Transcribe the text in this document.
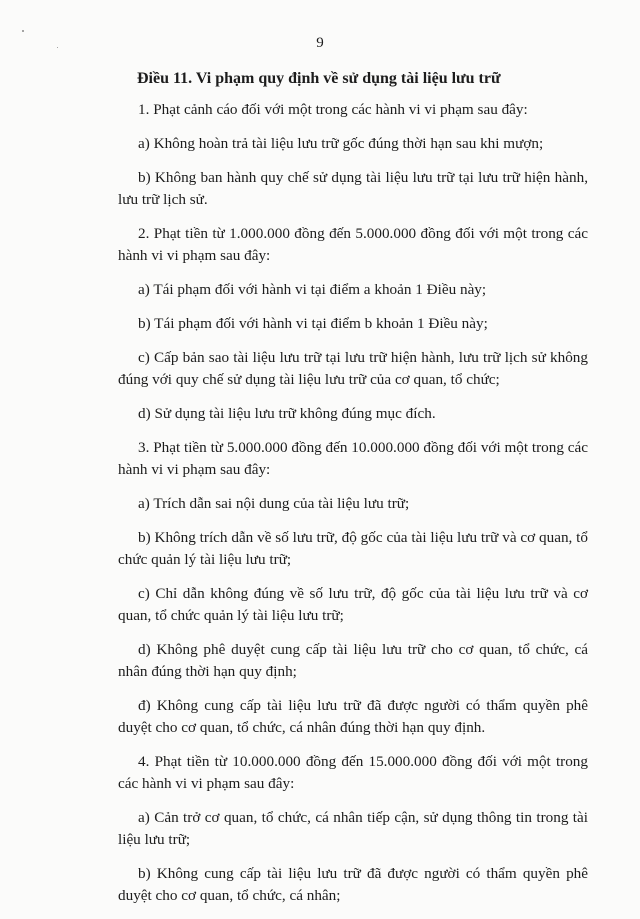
9
Điều 11. Vi phạm quy định về sử dụng tài liệu lưu trữ

1. Phạt cảnh cáo đối với một trong các hành vi vi phạm sau đây:

a) Không hoàn trả tài liệu lưu trữ gốc đúng thời hạn sau khi mượn;

b) Không ban hành quy chế sử dụng tài liệu lưu trữ tại lưu trữ hiện hành, lưu trữ lịch sử.

2. Phạt tiền từ 1.000.000 đồng đến 5.000.000 đồng đối với một trong các hành vi vi phạm sau đây:

a) Tái phạm đối với hành vi tại điểm a khoản 1 Điều này;

b) Tái phạm đối với hành vi tại điểm b khoản 1 Điều này;

c) Cấp bản sao tài liệu lưu trữ tại lưu trữ hiện hành, lưu trữ lịch sử không đúng với quy chế sử dụng tài liệu lưu trữ của cơ quan, tổ chức;

d) Sử dụng tài liệu lưu trữ không đúng mục đích.

3. Phạt tiền từ 5.000.000 đồng đến 10.000.000 đồng đối với một trong các hành vi vi phạm sau đây:

a) Trích dẫn sai nội dung của tài liệu lưu trữ;

b) Không trích dẫn về số lưu trữ, độ gốc của tài liệu lưu trữ và cơ quan, tổ chức quản lý tài liệu lưu trữ;

c) Chỉ dẫn không đúng về số lưu trữ, độ gốc của tài liệu lưu trữ và cơ quan, tổ chức quản lý tài liệu lưu trữ;

d) Không phê duyệt cung cấp tài liệu lưu trữ cho cơ quan, tổ chức, cá nhân đúng thời hạn quy định;

đ) Không cung cấp tài liệu lưu trữ đã được người có thẩm quyền phê duyệt cho cơ quan, tổ chức, cá nhân đúng thời hạn quy định.

4. Phạt tiền từ 10.000.000 đồng đến 15.000.000 đồng đối với một trong các hành vi vi phạm sau đây:

a) Cản trở cơ quan, tổ chức, cá nhân tiếp cận, sử dụng thông tin trong tài liệu lưu trữ;

b) Không cung cấp tài liệu lưu trữ đã được người có thẩm quyền phê duyệt cho cơ quan, tổ chức, cá nhân;
